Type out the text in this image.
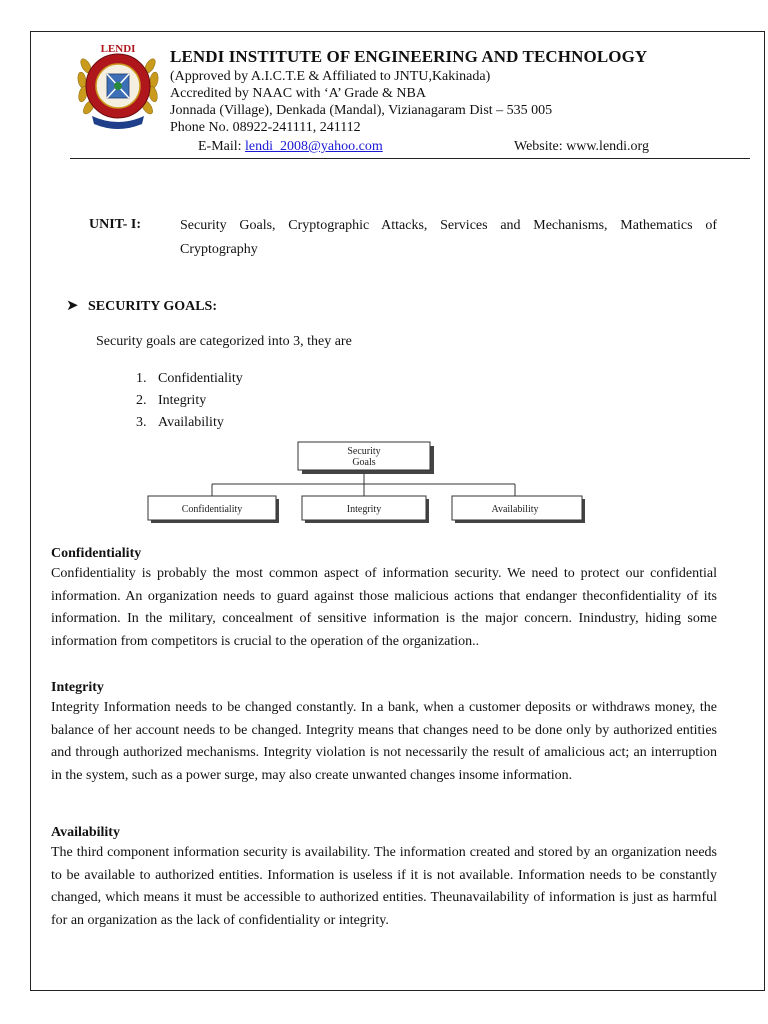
LENDI LENDI INSTITUTE OF ENGINEERING AND TECHNOLOGY
(Approved by A.I.C.T.E & Affiliated to JNTU,Kakinada)
Accredited by NAAC with ‘A’ Grade & NBA
Jonnada (Village), Denkada (Mandal), Vizianagaram Dist – 535 005
Phone No. 08922-241111, 241112
E-Mail: lendi_2008@yahoo.com	Website: www.lendi.org
UNIT- I:	Security Goals, Cryptographic Attacks, Services and Mechanisms, Mathematics of Cryptography
➤ SECURITY GOALS:
Security goals are categorized into 3, they are
1. Confidentiality
2. Integrity
3. Availability
Security
Goals
Confidentiality	Integrity	Availability
Confidentiality
Confidentiality is probably the most common aspect of information security. We need to protect our confidential information. An organization needs to guard against those malicious actions that endanger theconfidentiality of its information. In the military, concealment of sensitive information is the major concern. Inindustry, hiding some information from competitors is crucial to the operation of the organization..
Integrity
Integrity Information needs to be changed constantly. In a bank, when a customer deposits or withdraws money, the balance of her account needs to be changed. Integrity means that changes need to be done only by authorized entities and through authorized mechanisms. Integrity violation is not necessarily the result of amalicious act; an interruption in the system, such as a power surge, may also create unwanted changes insome information.
Availability
The third component information security is availability. The information created and stored by an organization needs to be available to authorized entities. Information is useless if it is not available. Information needs to be constantly changed, which means it must be accessible to authorized entities. Theunavailability of information is just as harmful for an organization as the lack of confidentiality or integrity.
